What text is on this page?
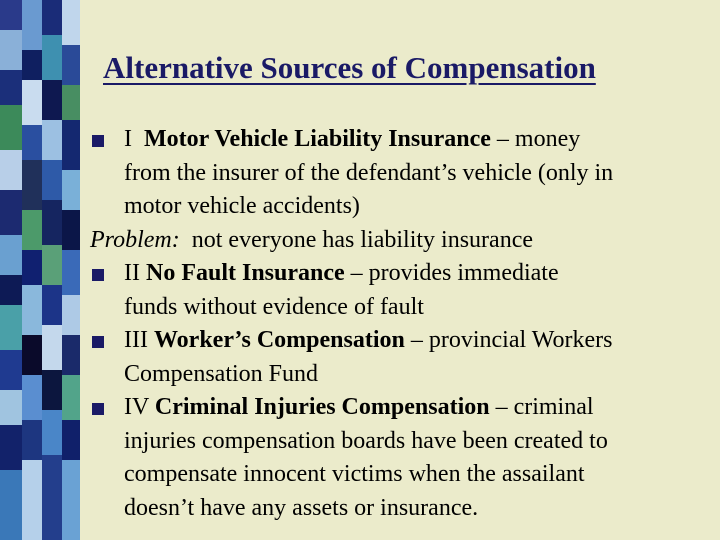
Alternative Sources of Compensation
I Motor Vehicle Liability Insurance – money
from the insurer of the defendant’s vehicle (only in
motor vehicle accidents)
Problem:  not everyone has liability insurance
II No Fault Insurance – provides immediate
funds without evidence of fault
III Worker’s Compensation – provincial Workers
Compensation Fund
IV Criminal Injuries Compensation – criminal
injuries compensation boards have been created to
compensate innocent victims when the assailant
doesn’t have any assets or insurance.
